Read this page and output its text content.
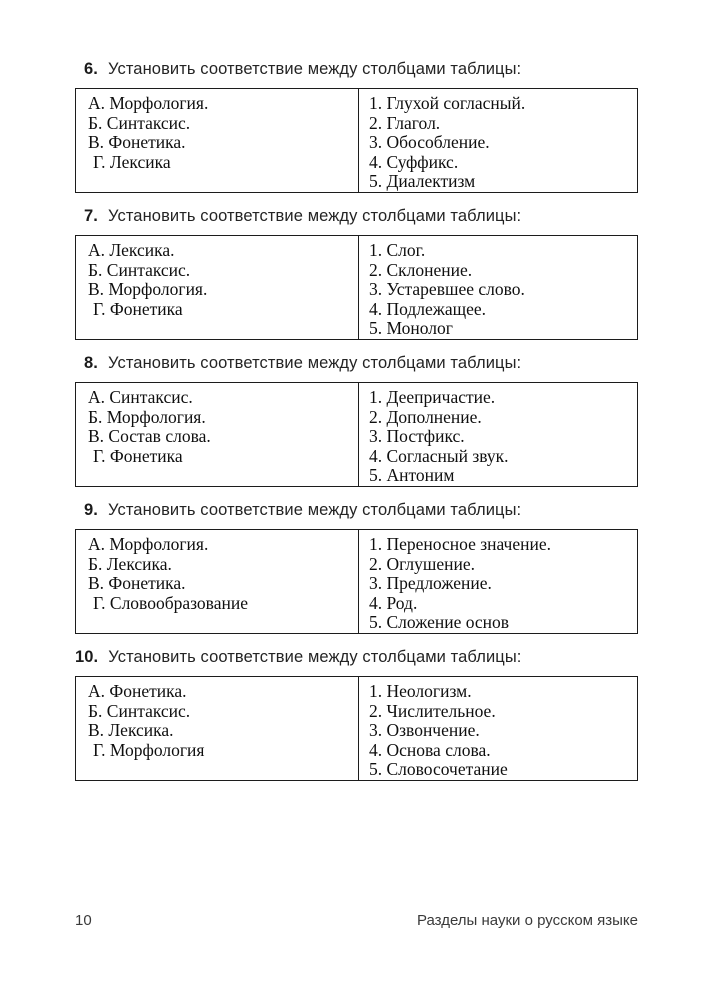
6. Установить соответствие между столбцами таблицы:

А. Морфология.

Б. Синтаксис.

В. Фонетика.

Г. Лексика

1. Глухой согласный.

2. Глагол.

3. Обособление.

4. Суффикс.

5. Диалектизм

7. Установить соответствие между столбцами таблицы:

А. Лексика.

Б. Синтаксис.

В. Морфология.

Г. Фонетика

1. Слог.

2. Склонение.

3. Устаревшее слово.

4. Подлежащее.

5. Монолог

8. Установить соответствие между столбцами таблицы:

А. Синтаксис.

Б. Морфология.

В. Состав слова.

Г. Фонетика

1. Деепричастие.

2. Дополнение.

3. Постфикс.

4. Согласный звук.

5. Антоним

9. Установить соответствие между столбцами таблицы:

А. Морфология.

Б. Лексика.

В. Фонетика.

Г. Словообразование

1. Переносное значение.

2. Оглушение.

3. Предложение.

4. Род.

5. Сложение основ

10. Установить соответствие между столбцами таблицы:

А. Фонетика.

Б. Синтаксис.

В. Лексика.

Г. Морфология

1. Неологизм.

2. Числительное.

3. Озвончение.

4. Основа слова.

5. Словосочетание

10	Разделы науки о русском языке
